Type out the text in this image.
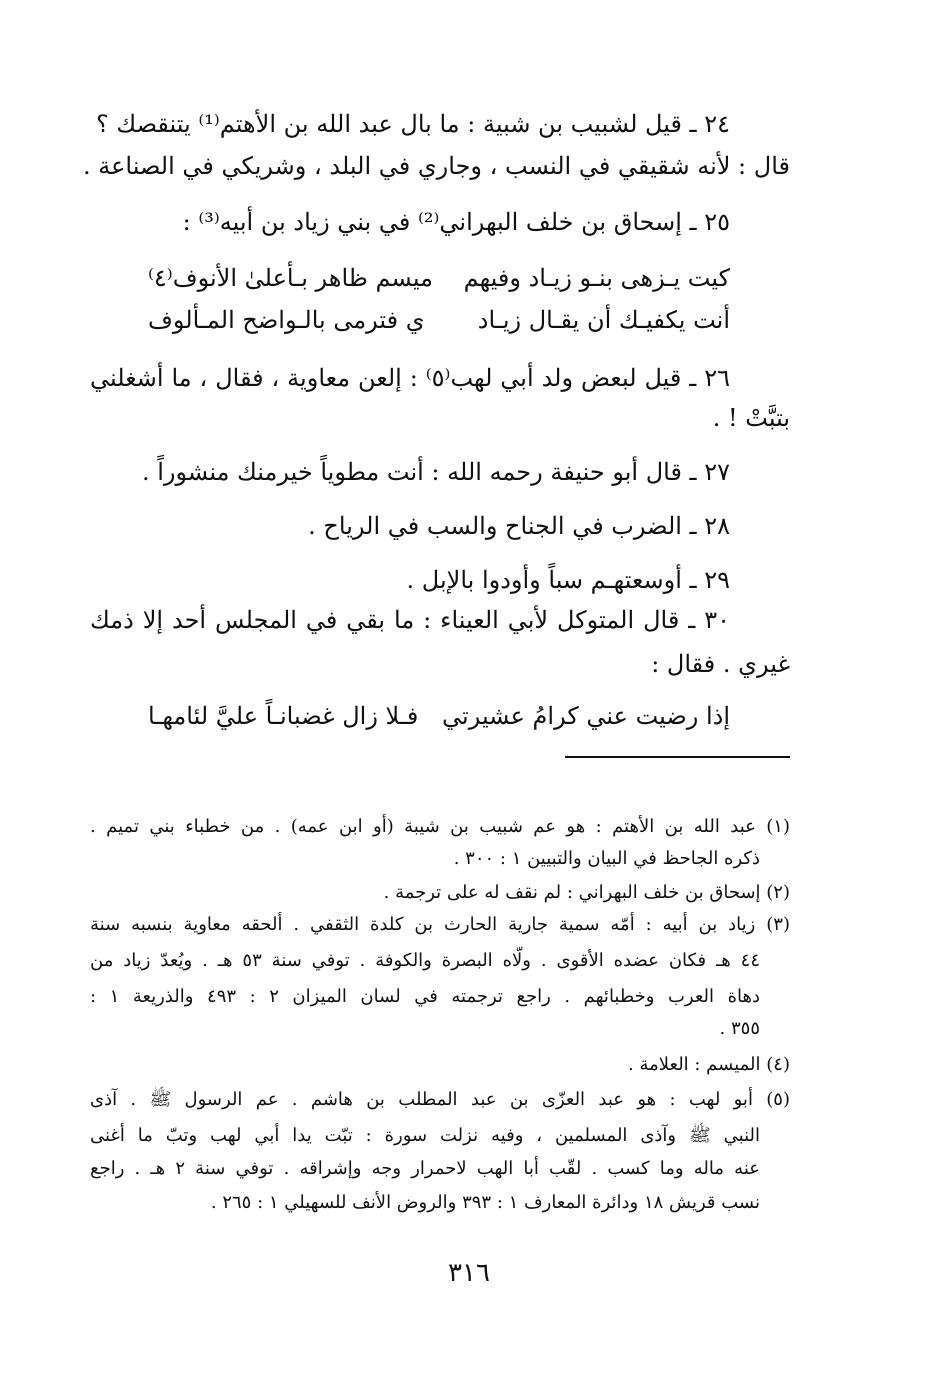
٢٤ ـ قيل لشبيب بن شبية : ما بال عبد الله بن الأهتم⁽¹⁾ يتنقصك ؟
قال : لأنه شقيقي في النسب ، وجاري في البلد ، وشريكي في الصناعة .
٢٥ ـ إسحاق بن خلف البهراني⁽²⁾ في بني زياد بن أبيه⁽³⁾ :
كيت يـزهى بنـو زيـاد وفيهم
ميسم ظاهر بـأعلىٰ الأنوف⁽٤⁾
أنت يكفيـك أن يقـال زيـاد
ي فترمى بالـواضح المـألوف
٢٦ ـ قيل لبعض ولد أبي لهب⁽٥⁾ : إلعن معاوية ، فقال ، ما أشغلني
بتبَّتْ ! .
٢٧ ـ قال أبو حنيفة رحمه الله : أنت مطوياً خيرمنك منشوراً .
٢٨ ـ الضرب في الجناح والسب في الرياح .
٢٩ ـ أوسعتهـم سباً وأودوا بالإبل .
٣٠ ـ قال المتوكل لأبي العيناء : ما بقي في المجلس أحد إلا ذمك
غيري . فقال :
إذا رضيت عني كرامُ عشيرتي
فـلا زال غضبانـاً عليَّ لئامهـا
(١) عبد الله بن الأهتم : هو عم شبيب بن شيبة (أو ابن عمه) . من خطباء بني تميم .
ذكره الجاحظ في البيان والتبيين ١ : ٣٠٠ .
(٢) إسحاق بن خلف البهراني : لم نقف له على ترجمة .
(٣) زياد بن أبيه : أمّه سمية جارية الحارث بن كلدة الثقفي . ألحقه معاوية بنسبه سنة
٤٤ هـ فكان عضده الأقوى . ولّاه البصرة والكوفة . توفي سنة ٥٣ هـ . ويُعدّ زياد من
دهاة العرب وخطبائهم . راجع ترجمته في لسان الميزان ٢ : ٤٩٣ والذريعة ١ :
٣٥٥ .
(٤) الميسم : العلامة .
(٥) أبو لهب : هو عبد العزّى بن عبد المطلب بن هاشم . عم الرسول ﷺ . آذى
النبي ﷺ وآذى المسلمين ، وفيه نزلت سورة : تبّت يدا أبي لهب وتبّ ما أغنى
عنه ماله وما كسب . لقّب أبا الهب لاحمرار وجه وإشراقه . توفي سنة ٢ هـ . راجع
نسب قريش ١٨ ودائرة المعارف ١ : ٣٩٣ والروض الأنف للسهيلي ١ : ٢٦٥ .
٣١٦
